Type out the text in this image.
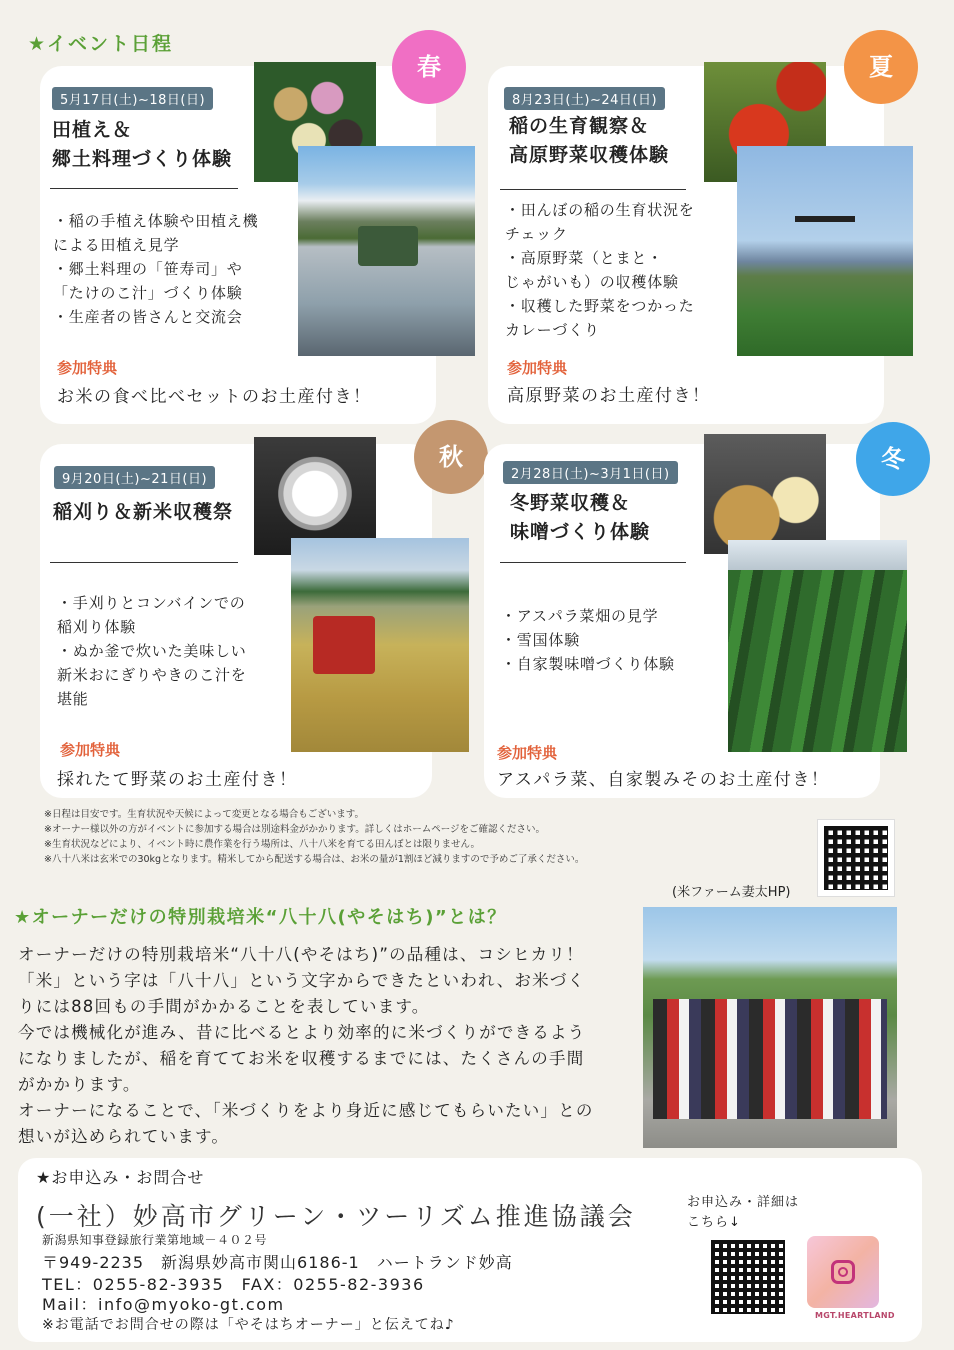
★イベント日程
5月17日(土)~18日(日)
田植え＆
郷土料理づくり体験
・稲の手植え体験や田植え機
による田植え見学
・郷土料理の「笹寿司」や
「たけのこ汁」づくり体験
・生産者の皆さんと交流会
参加特典
お米の食べ比べセットのお土産付き！
春
8月23日(土)~24日(日)
稲の生育観察＆
高原野菜収穫体験
・田んぼの稲の生育状況を
チェック
・高原野菜（とまと・
じゃがいも）の収穫体験
・収穫した野菜をつかった
カレーづくり
参加特典
高原野菜のお土産付き！
夏
9月20日(土)~21日(日)
稲刈り＆新米収穫祭
・手刈りとコンバインでの
稲刈り体験
・ぬか釜で炊いた美味しい
新米おにぎりやきのこ汁を
堪能
参加特典
採れたて野菜のお土産付き！
秋
2月28日(土)~3月1日(日)
冬野菜収穫＆
味噌づくり体験
・アスパラ菜畑の見学
・雪国体験
・自家製味噌づくり体験
参加特典
アスパラ菜、自家製みそのお土産付き！
冬
※日程は目安です。生育状況や天候によって変更となる場合もございます。
※オーナー様以外の方がイベントに参加する場合は別途料金がかかります。詳しくはホームページをご確認ください。
※生育状況などにより、イベント時に農作業を行う場所は、八十八米を育てる田んぼとは限りません。
※八十八米は玄米での30kgとなります。精米してから配送する場合は、お米の量が1割ほど減りますので予めご了承ください。
(米ファーム妻太HP)
★オーナーだけの特別栽培米“八十八(やそはち)”とは？
オーナーだけの特別栽培米“八十八(やそはち)”の品種は、コシヒカリ！
「米」という字は「八十八」という文字からできたといわれ、お米づく
りには88回もの手間がかかることを表しています。
今では機械化が進み、昔に比べるとより効率的に米づくりができるよう
になりましたが、稲を育ててお米を収穫するまでには、たくさんの手間
がかかります。
オーナーになることで、「米づくりをより身近に感じてもらいたい」との
想いが込められています。
★お申込み・お問合せ
(一社）妙高市グリーン・ツーリズム推進協議会
新潟県知事登録旅行業第地域－４０２号
〒949-2235　新潟県妙高市関山6186-1　ハートランド妙高
TEL：0255-82-3935　FAX：0255-82-3936
Mail：info@myoko-gt.com
※お電話でお問合せの際は「やそはちオーナー」と伝えてね♪
お申込み・詳細は
こちら↓
MGT.HEARTLAND
